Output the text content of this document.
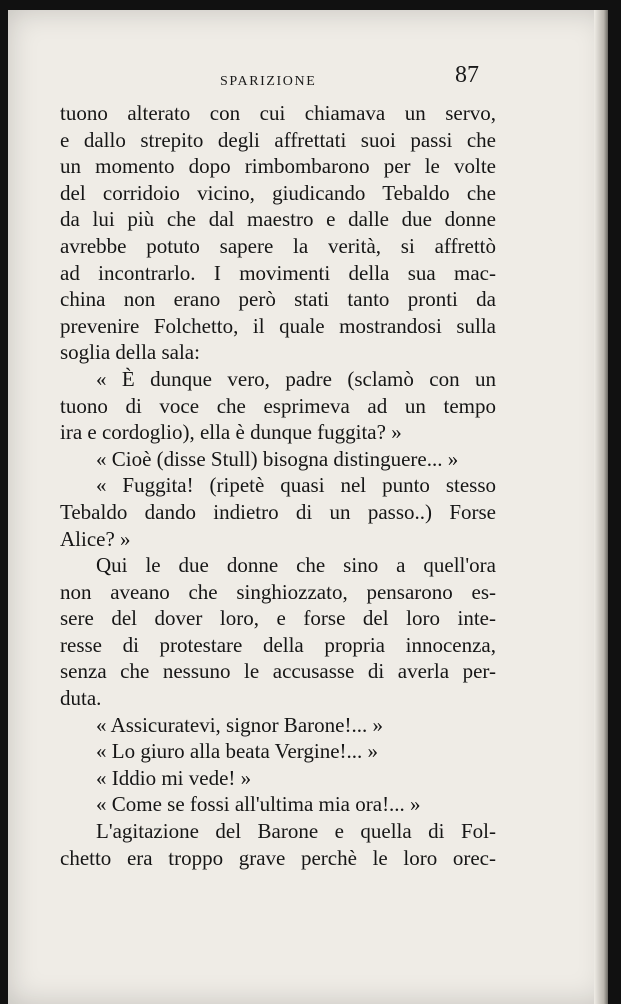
SPARIZIONE	87
tuono alterato con cui chiamava un servo,
e dallo strepito degli affrettati suoi passi che
un momento dopo rimbombarono per le volte
del corridoio vicino, giudicando Tebaldo che
da lui più che dal maestro e dalle due donne
avrebbe potuto sapere la verità, si affrettò
ad incontrarlo. I movimenti della sua mac-
china non erano però stati tanto pronti da
prevenire Folchetto, il quale mostrandosi sulla
soglia della sala:
« È dunque vero, padre (sclamò con un
tuono di voce che esprimeva ad un tempo
ira e cordoglio), ella è dunque fuggita? »
« Cioè (disse Stull) bisogna distinguere... »
« Fuggita! (ripetè quasi nel punto stesso
Tebaldo dando indietro di un passo..) Forse
Alice? »
Qui le due donne che sino a quell'ora
non aveano che singhiozzato, pensarono es-
sere del dover loro, e forse del loro inte-
resse di protestare della propria innocenza,
senza che nessuno le accusasse di averla per-
duta.
« Assicuratevi, signor Barone!... »
« Lo giuro alla beata Vergine!... »
« Iddio mi vede! »
« Come se fossi all'ultima mia ora!... »
L'agitazione del Barone e quella di Fol-
chetto era troppo grave perchè le loro orec-
